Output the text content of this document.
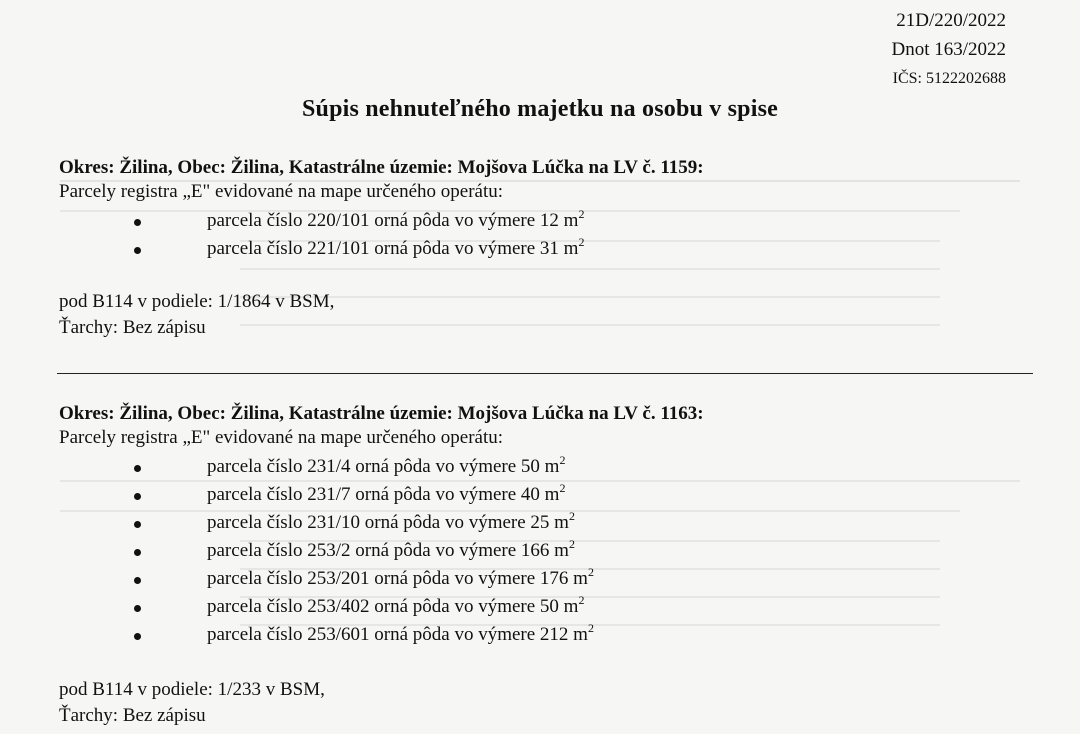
21D/220/2022
Dnot 163/2022
IČS: 5122202688
Súpis nehnuteľného majetku na osobu v spise
Okres: Žilina, Obec: Žilina, Katastrálne územie: Mojšova Lúčka na LV č. 1159:
Parcely registra „E" evidované na mape určeného operátu:
parcela číslo 220/101 orná pôda vo výmere 12 $m^2$
parcela číslo 221/101 orná pôda vo výmere 31 $m^2$
pod B114 v podiele: 1/1864 v BSM,
Ťarchy: Bez zápisu
Okres: Žilina, Obec: Žilina, Katastrálne územie: Mojšova Lúčka na LV č. 1163:
Parcely registra „E" evidované na mape určeného operátu:
parcela číslo 231/4 orná pôda vo výmere 50 $m^2$
parcela číslo 231/7 orná pôda vo výmere 40 $m^2$
parcela číslo 231/10 orná pôda vo výmere 25 $m^2$
parcela číslo 253/2 orná pôda vo výmere 166 $m^2$
parcela číslo 253/201 orná pôda vo výmere 176 $m^2$
parcela číslo 253/402 orná pôda vo výmere 50 $m^2$
parcela číslo 253/601 orná pôda vo výmere 212 $m^2$
pod B114 v podiele: 1/233 v BSM,
Ťarchy: Bez zápisu
